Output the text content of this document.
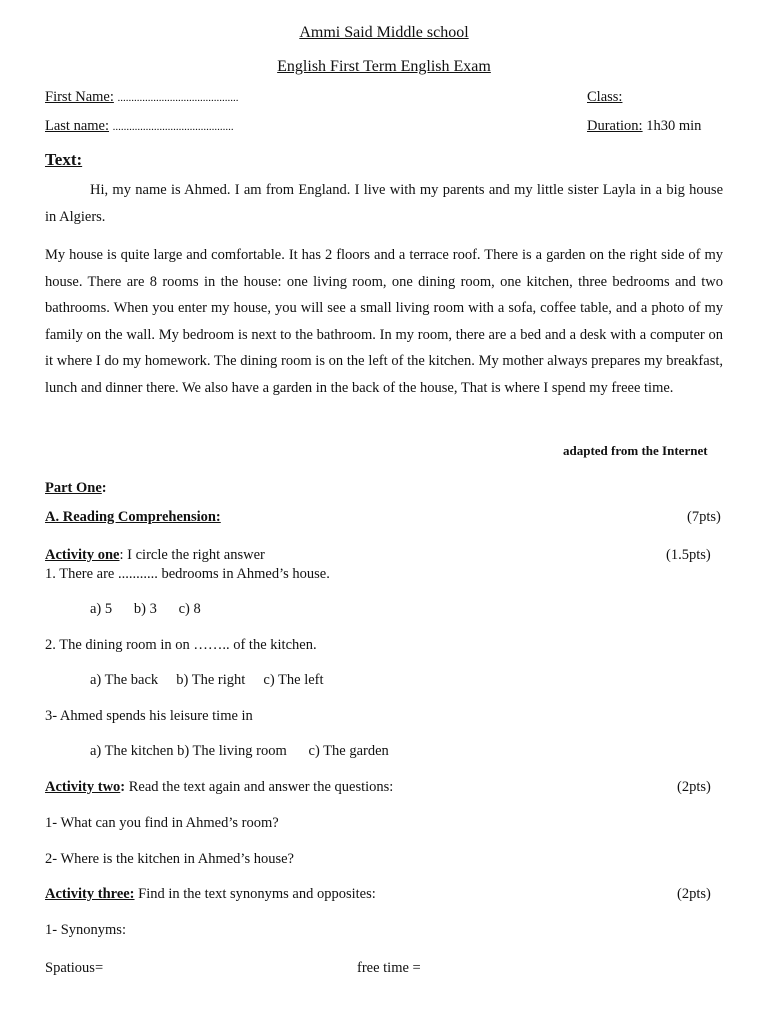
Ammi Said Middle school
English First Term English Exam
First Name: ............................................	Class:
Last name: ............................................	Duration: 1h30 min
Text:

Hi, my name is Ahmed. I am from England. I live with my parents and my little sister Layla in a big house in Algiers.

My house is quite large and comfortable. It has 2 floors and a terrace roof. There is a garden on the right side of my house. There are 8 rooms in the house: one living room, one dining room, one kitchen, three bedrooms and two bathrooms. When you enter my house, you will see a small living room with a sofa, coffee table, and a photo of my family on the wall. My bedroom is next to the bathroom. In my room, there are a bed and a desk with a computer on it where I do my homework. The dining room is on the left of the kitchen. My mother always prepares my breakfast, lunch and dinner there. We also have a garden in the back of the house, That is where I spend my freee time.

adapted from the Internet
Part One:
A. Reading Comprehension:	(7pts)
Activity one: I circle the right answer	(1.5pts)
1. There are ........... bedrooms in Ahmed’s house.
a) 5      b) 3      c) 8
2. The dining room in on …….. of the kitchen.
a) The back     b) The right     c) The left
3- Ahmed spends his leisure time in
a) The kitchen b) The living room      c) The garden
Activity two: Read the text again and answer the questions:	(2pts)
1- What can you find in Ahmed’s room?
2- Where is the kitchen in Ahmed’s house?
Activity three: Find in the text synonyms and opposites:	(2pts)
1- Synonyms:
Spatious=	free time =
